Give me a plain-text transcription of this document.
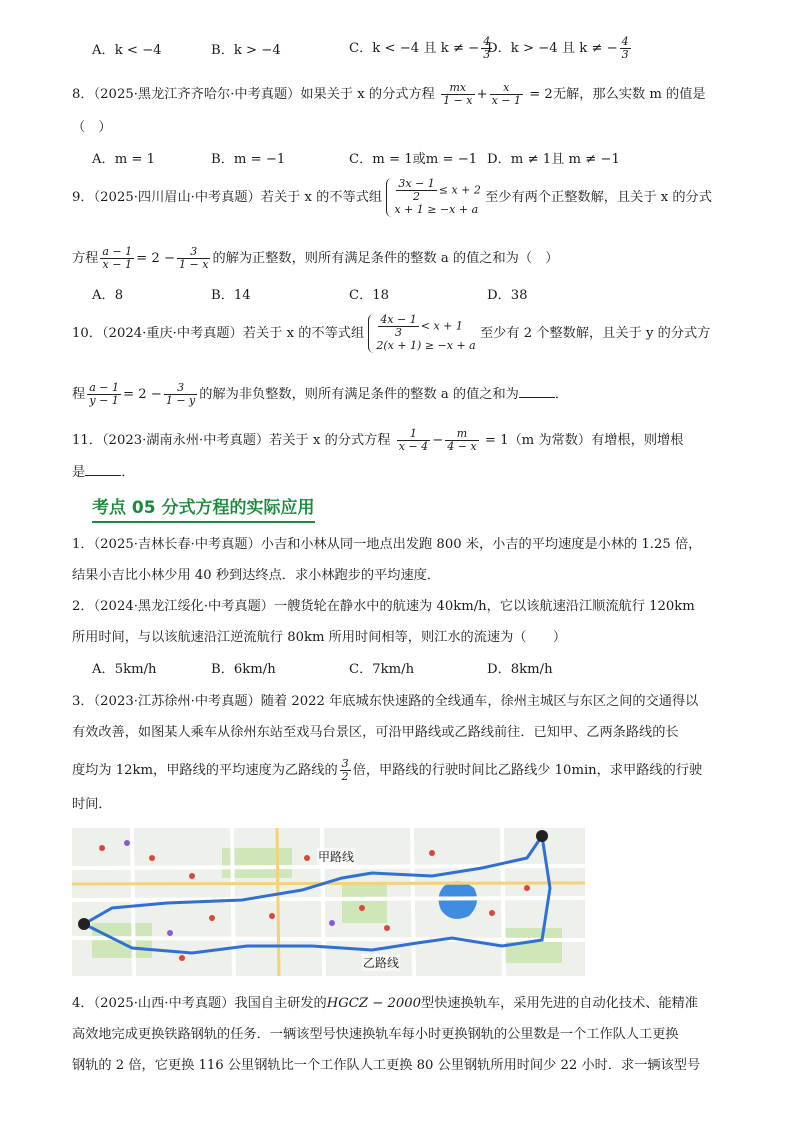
A．k < −4	B．k > −4	C．k < −4 且 k ≠ − $\frac{4}{3}$
D．k > −4 且 k ≠ − $\frac{4}{3}$
8．（2025·黑龙江齐齐哈尔·中考真题）如果关于 x 的分式方程 $\frac{mx}{1 - x} + \frac{x}{x - 1} = 2$无解，那么实数 m 的值是
（　）
A．m = 1	B．m = −1	C．m = 1或m = −1 D．m ≠ 1且 m ≠ −1
9．（2025·四川眉山·中考真题）若关于 x 的不等式组 $\frac{3x - 1}{2} \le x + 2$
x + 1 ≥ −x + a
至少有两个正整数解，且关于 x 的分式
方程 $\frac{a - 1}{x - 1} = 2 - \frac{3}{1 - x}$ 的解为正整数，则所有满足条件的整数 a 的值之和为（　）
A．8	B．14	C．18	D．38
10．（2024·重庆·中考真题）若关于 x 的不等式组 $\frac{4x - 1}{3} < x + 1$
2(x + 1) ≥ −x + a
至少有 2 个整数解，且关于 y 的分式方
程 $\frac{a - 1}{y - 1} = 2 - \frac{3}{1 - y}$ 的解为非负整数，则所有满足条件的整数 a 的值之和为	．
11．（2023·湖南永州·中考真题）若关于 x 的分式方程 $\frac{1}{x - 4} - \frac{m}{4 - x} = 1(m$ 为常数）有增根，则增根
是	．
考点 05 分式方程的实际应用
1．（2025·吉林长春·中考真题）小吉和小林从同一地点出发跑 800 米，小吉的平均速度是小林的 1.25 倍，
结果小吉比小林少用 40 秒到达终点．求小林跑步的平均速度．
2．（2024·黑龙江绥化·中考真题）一艘货轮在静水中的航速为 40km/h，它以该航速沿江顺流航行 120km
所用时间，与以该航速沿江逆流航行 80km 所用时间相等，则江水的流速为（　　）
A．5km/h	B．6km/h	C．7km/h	D．8km/h
3．（2023·江苏徐州·中考真题）随着 2022 年底城东快速路的全线通车，徐州主城区与东区之间的交通得以
有效改善，如图某人乘车从徐州东站至戏马台景区，可沿甲路线或乙路线前往．已知甲、乙两条路线的长
度均为 12km，甲路线的平均速度为乙路线的 $\frac{3}{2}$ 倍，甲路线的行驶时间比乙路线少 10min，求甲路线的行驶
时间．
甲路线
乙路线
4．（2025·山西·中考真题）我国自主研发的HGCZ − 2000型快速换轨车，采用先进的自动化技术、能精准
高效地完成更换铁路钢轨的任务．一辆该型号快速换轨车每小时更换钢轨的公里数是一个工作队人工更换
钢轨的 2 倍，它更换 116 公里钢轨比一个工作队人工更换 80 公里钢轨所用时间少 22 小时．求一辆该型号
